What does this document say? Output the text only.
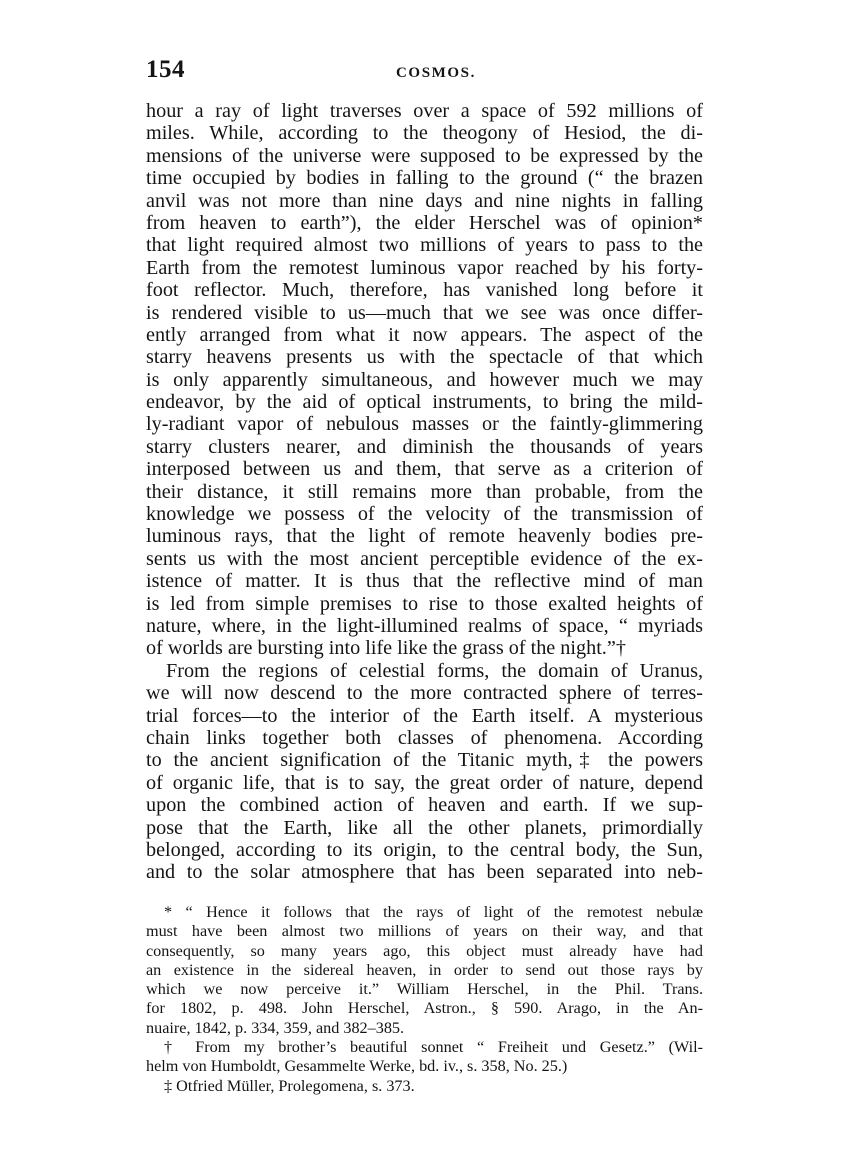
154	COSMOS.
hour a ray of light traverses over a space of 592 millions of
miles. While, according to the theogony of Hesiod, the di-
mensions of the universe were supposed to be expressed by the
time occupied by bodies in falling to the ground (“ the brazen
anvil was not more than nine days and nine nights in falling
from heaven to earth”), the elder Herschel was of opinion*
that light required almost two millions of years to pass to the
Earth from the remotest luminous vapor reached by his forty-
foot reflector. Much, therefore, has vanished long before it
is rendered visible to us—much that we see was once differ-
ently arranged from what it now appears. The aspect of the
starry heavens presents us with the spectacle of that which
is only apparently simultaneous, and however much we may
endeavor, by the aid of optical instruments, to bring the mild-
ly-radiant vapor of nebulous masses or the faintly-glimmering
starry clusters nearer, and diminish the thousands of years
interposed between us and them, that serve as a criterion of
their distance, it still remains more than probable, from the
knowledge we possess of the velocity of the transmission of
luminous rays, that the light of remote heavenly bodies pre-
sents us with the most ancient perceptible evidence of the ex-
istence of matter. It is thus that the reflective mind of man
is led from simple premises to rise to those exalted heights of
nature, where, in the light-illumined realms of space, “ myriads
of worlds are bursting into life like the grass of the night.”†
From the regions of celestial forms, the domain of Uranus,
we will now descend to the more contracted sphere of terres-
trial forces—to the interior of the Earth itself. A mysterious
chain links together both classes of phenomena. According
to the ancient signification of the Titanic myth,‡ the powers
of organic life, that is to say, the great order of nature, depend
upon the combined action of heaven and earth. If we sup-
pose that the Earth, like all the other planets, primordially
belonged, according to its origin, to the central body, the Sun,
and to the solar atmosphere that has been separated into neb-
* “ Hence it follows that the rays of light of the remotest nebulæ
must have been almost two millions of years on their way, and that
consequently, so many years ago, this object must already have had
an existence in the sidereal heaven, in order to send out those rays by
which we now perceive it.” William Herschel, in the Phil. Trans.
for 1802, p. 498. John Herschel, Astron., § 590. Arago, in the An-
nuaire, 1842, p. 334, 359, and 382–385.
† From my brother’s beautiful sonnet “ Freiheit und Gesetz.” (Wil-
helm von Humboldt, Gesammelte Werke, bd. iv., s. 358, No. 25.)
‡ Otfried Müller, Prolegomena, s. 373.
